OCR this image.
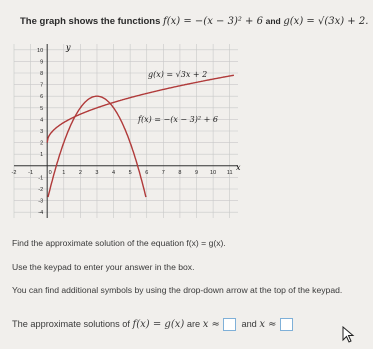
The graph shows the functions f(x) = −(x − 3)² + 6 and g(x) = √(3x) + 2.
-2 -1	0 1 2 3 4 5 6 7 8 9 10 11
10
9
8
7
6
5
4
3
2
1
-1
-2
-3
-4
g(x) = √3x + 2
f(x) = −(x − 3)² + 6
x
y
Find the approximate solution of the equation f(x) = g(x).
Use the keypad to enter your answer in the box.
You can find additional symbols by using the drop-down arrow at the top of the keypad.
The approximate solutions of f(x) = g(x) are x ≈ and x ≈
